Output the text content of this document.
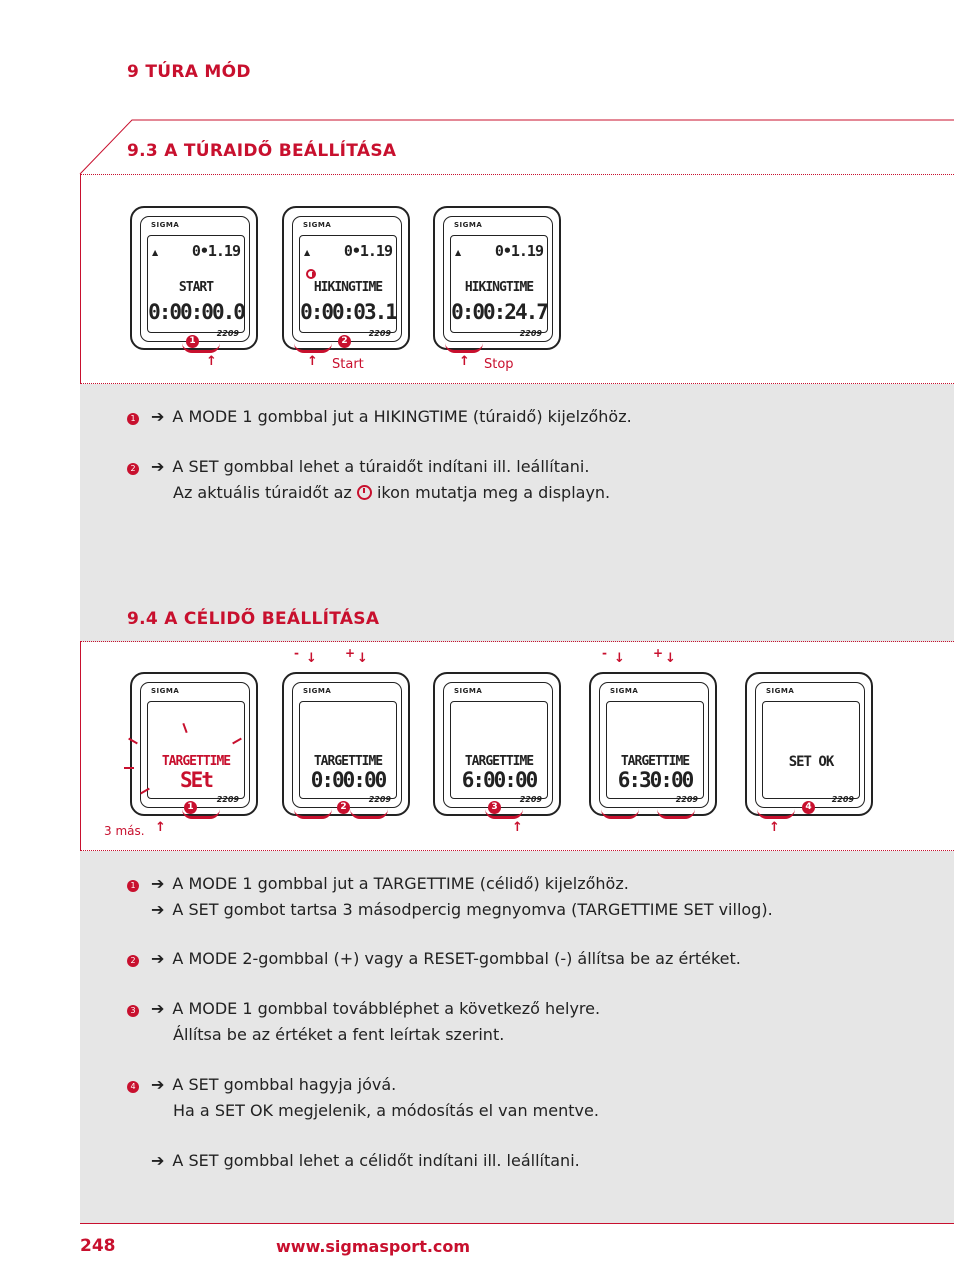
9 TÚRA MÓD
9.3 A TÚRAIDŐ BEÁLLÍTÁSA
SIGMA
▲ 0•1.19
START
0:00:00.0
2209
1
↑
SIGMA
▲ 0•1.19
HIKINGTIME
0:00:03.1
2209
2
↑ Start
SIGMA
▲ 0•1.19
HIKINGTIME
0:00:24.7
2209
↑ Stop
1 ➔ A MODE 1 gombbal jut a HIKINGTIME (túraidő) kijelzőhöz.
2 ➔ A SET gombbal lehet a túraidőt indítani ill. leállítani.
Az aktuális túraidőt az ikon mutatja meg a displayn.
9.4 A CÉLIDŐ BEÁLLÍTÁSA
- ↓ + ↓	- ↓ + ↓
SIGMA
TARGETTIME
SEt
2209
1
3 más. ↑
SIGMA
TARGETTIME
0:00:00
2209
2
SIGMA
TARGETTIME
6:00:00
2209
3
↑
SIGMA
TARGETTIME
6:30:00
2209
SIGMA
SET OK
2209
4
↑
1 ➔ A MODE 1 gombbal jut a TARGETTIME (célidő) kijelzőhöz.
➔ A SET gombot tartsa 3 másodpercig megnyomva (TARGETTIME SET villog).
2 ➔ A MODE 2-gombbal (+) vagy a RESET-gombbal (-) állítsa be az értéket.
3 ➔ A MODE 1 gombbal továbbléphet a következő helyre.
Állítsa be az értéket a fent leírtak szerint.
4 ➔ A SET gombbal hagyja jóvá.
Ha a SET OK megjelenik, a módosítás el van mentve.
➔ A SET gombbal lehet a célidőt indítani ill. leállítani.
248	www.sigmasport.com
